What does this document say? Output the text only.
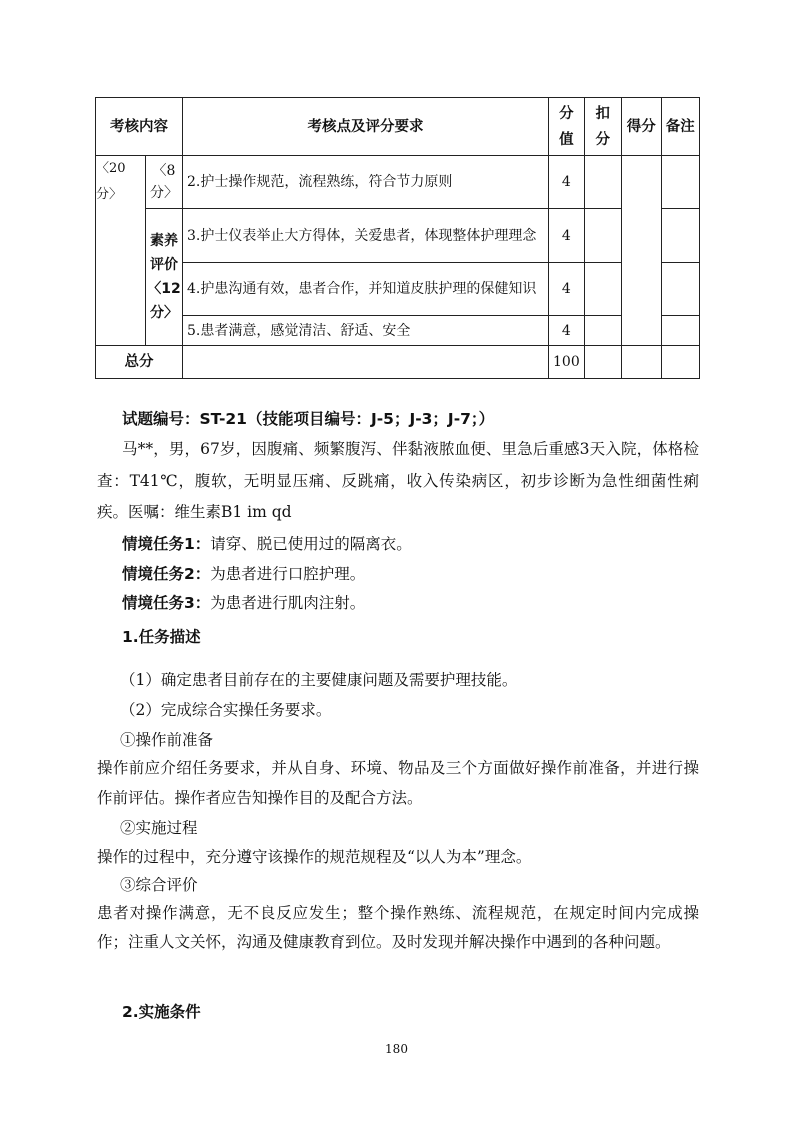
考核内容		考核点及评分要求	分值	扣分	得分	备注
〈20分〉	〈8分〉	2.护士操作规范，流程熟练，符合节力原则	4			
	素养评价〈12分〉	3.护士仪表举止大方得体，关爱患者，体现整体护理理念	4			
		4.护患沟通有效，患者合作，并知道皮肤护理的保健知识	4			
		5.患者满意，感觉清洁、舒适、安全	4			
总分			100			
试题编号：ST-21（技能项目编号：J-5；J-3；J-7；）
马**，男，67岁，因腹痛、频繁腹泻、伴黏液脓血便、里急后重感3天入院，体格检查：T41℃，腹软，无明显压痛、反跳痛，收入传染病区，初步诊断为急性细菌性痢疾。医嘱：维生素B1 im qd
情境任务1：请穿、脱已使用过的隔离衣。
情境任务2：为患者进行口腔护理。
情境任务3：为患者进行肌肉注射。
1.任务描述
（1）确定患者目前存在的主要健康问题及需要护理技能。
（2）完成综合实操任务要求。
①操作前准备
操作前应介绍任务要求，并从自身、环境、物品及三个方面做好操作前准备，并进行操作前评估。操作者应告知操作目的及配合方法。
②实施过程
操作的过程中，充分遵守该操作的规范规程及“以人为本”理念。
③综合评价
患者对操作满意，无不良反应发生；整个操作熟练、流程规范，在规定时间内完成操作；注重人文关怀，沟通及健康教育到位。及时发现并解决操作中遇到的各种问题。
2.实施条件
180
